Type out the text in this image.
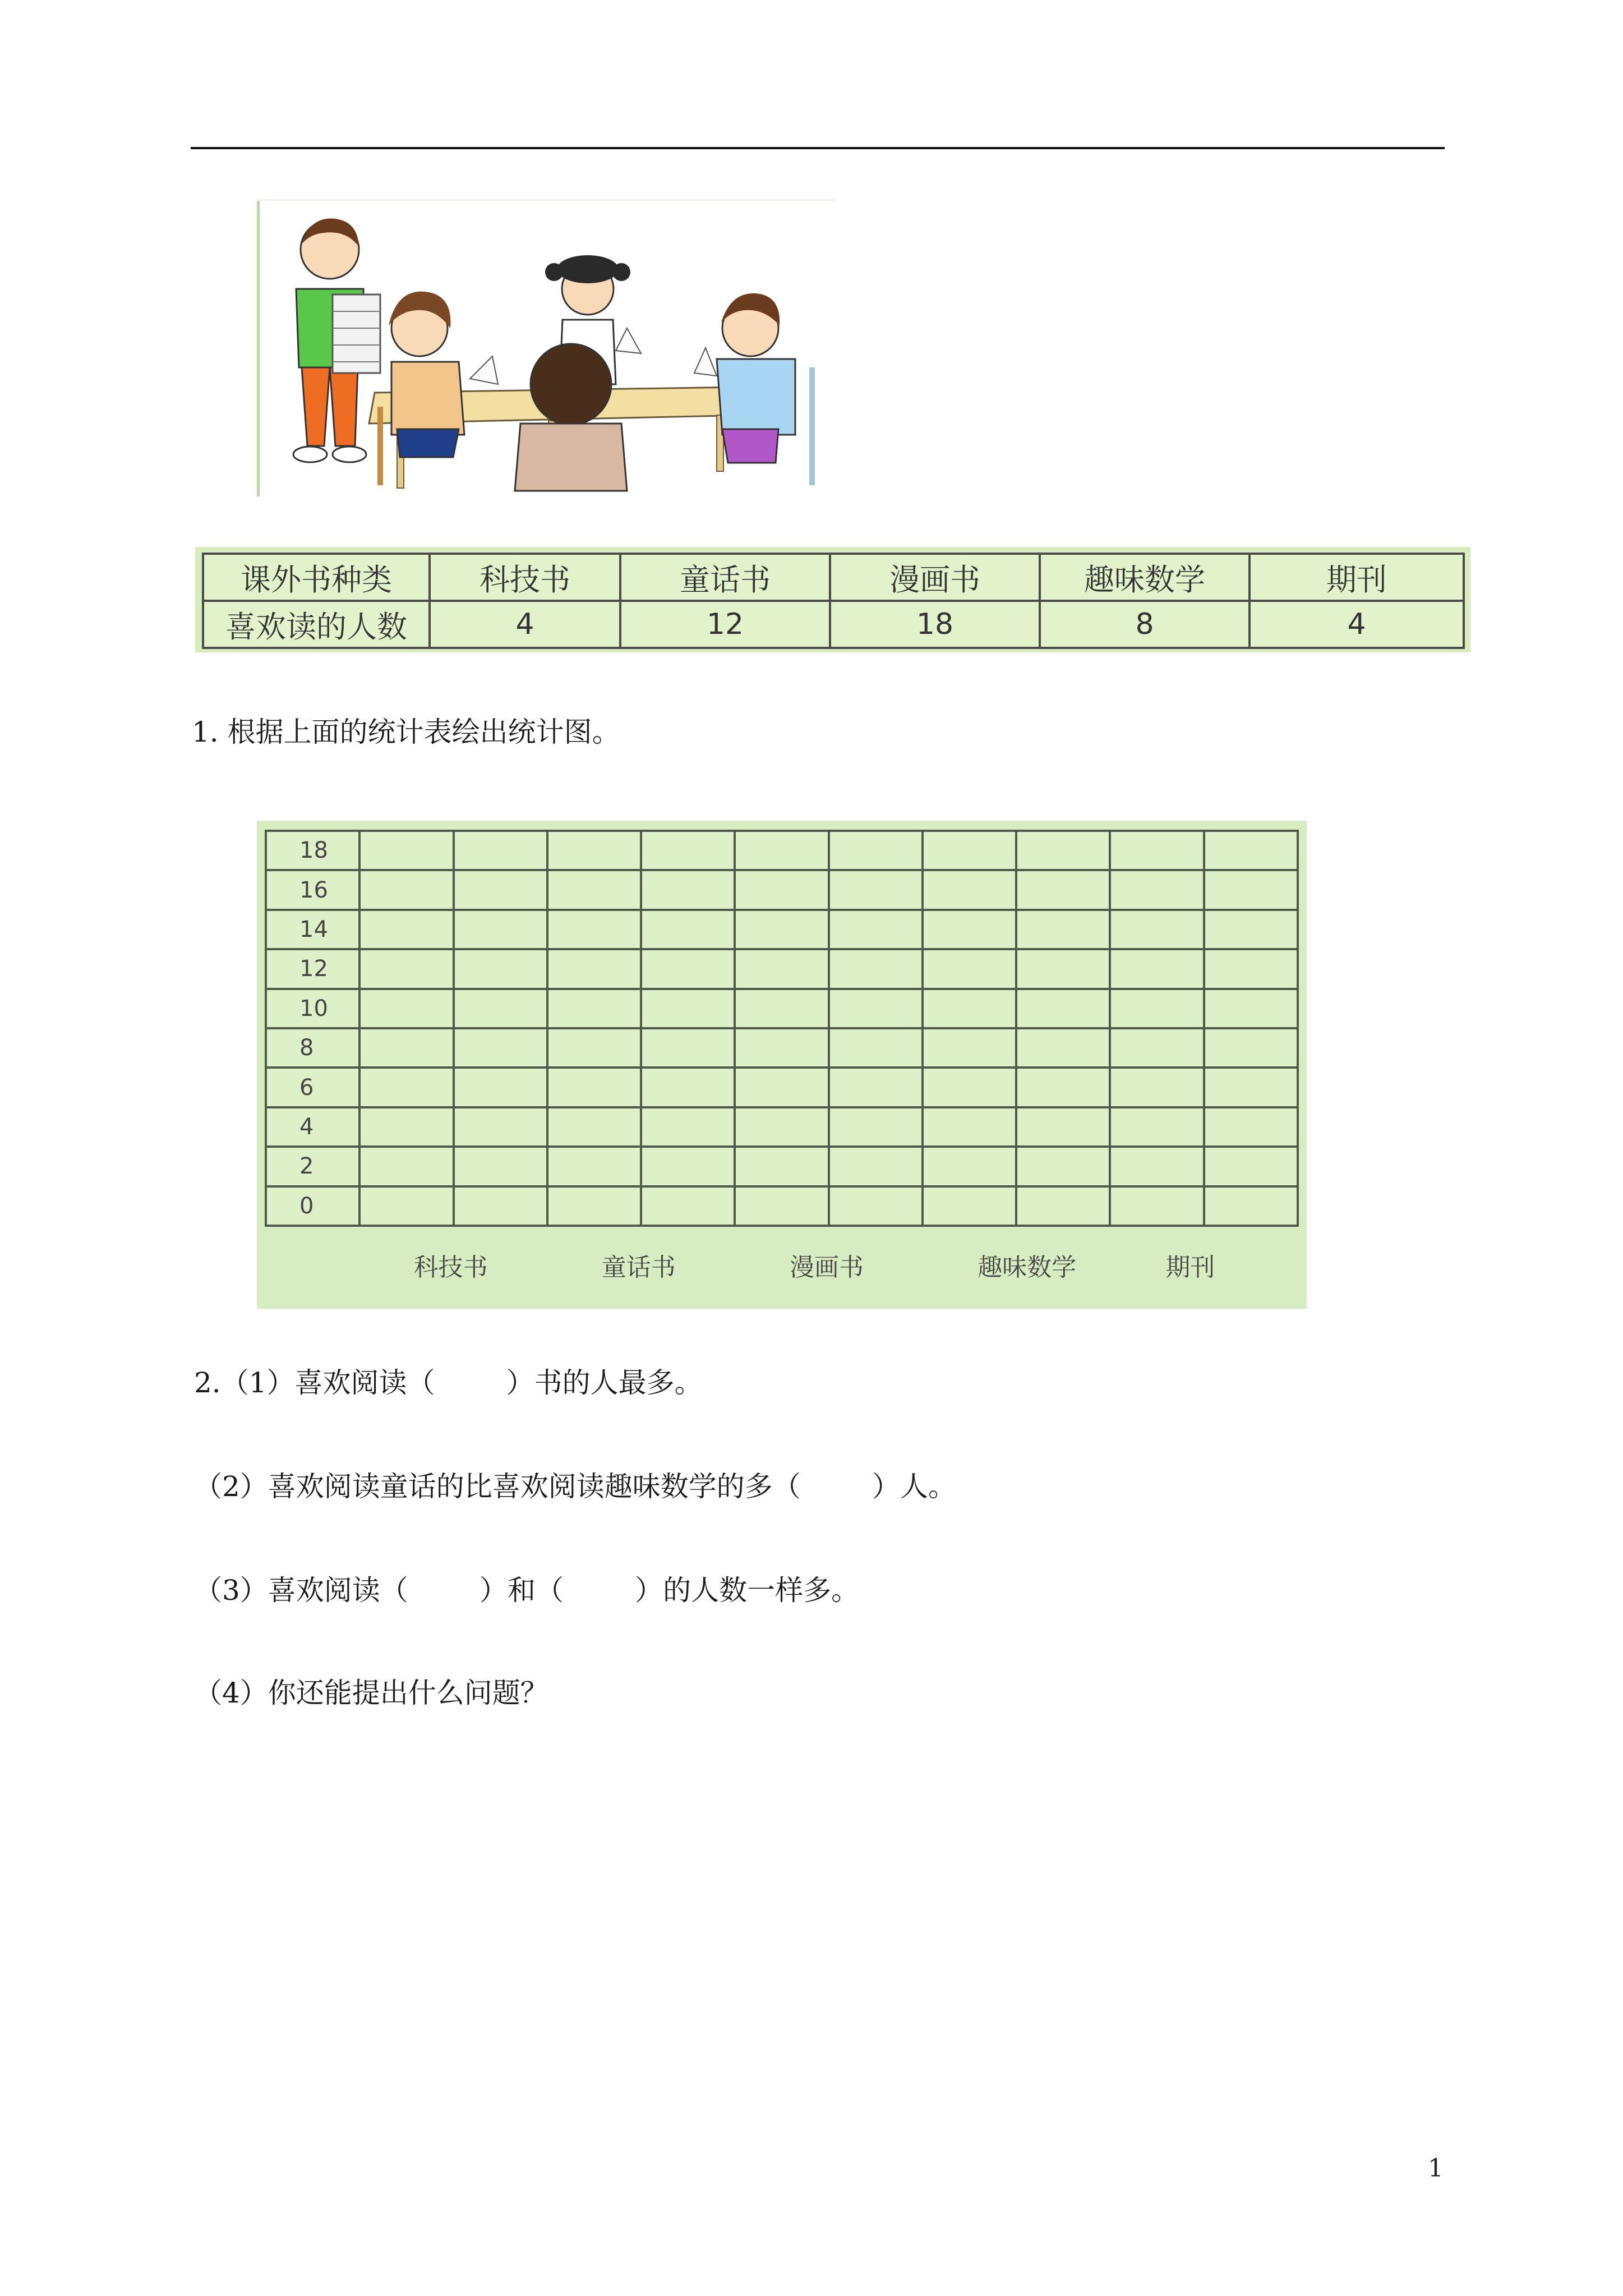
课外书种类	科技书	童话书	漫画书	趣味数学	期刊
喜欢读的人数	4	12	18	8	4
1. 根据上面的统计表绘出统计图。
18										
16										
14										
12										
10										
8										
6										
4										
2										
0										
科技书	童话书	漫画书	趣味数学	期刊
2.（1）喜欢阅读（        ）书的人最多。
（2）喜欢阅读童话的比喜欢阅读趣味数学的多（        ）人。
（3）喜欢阅读（        ）和（        ）的人数一样多。
（4）你还能提出什么问题？
1
